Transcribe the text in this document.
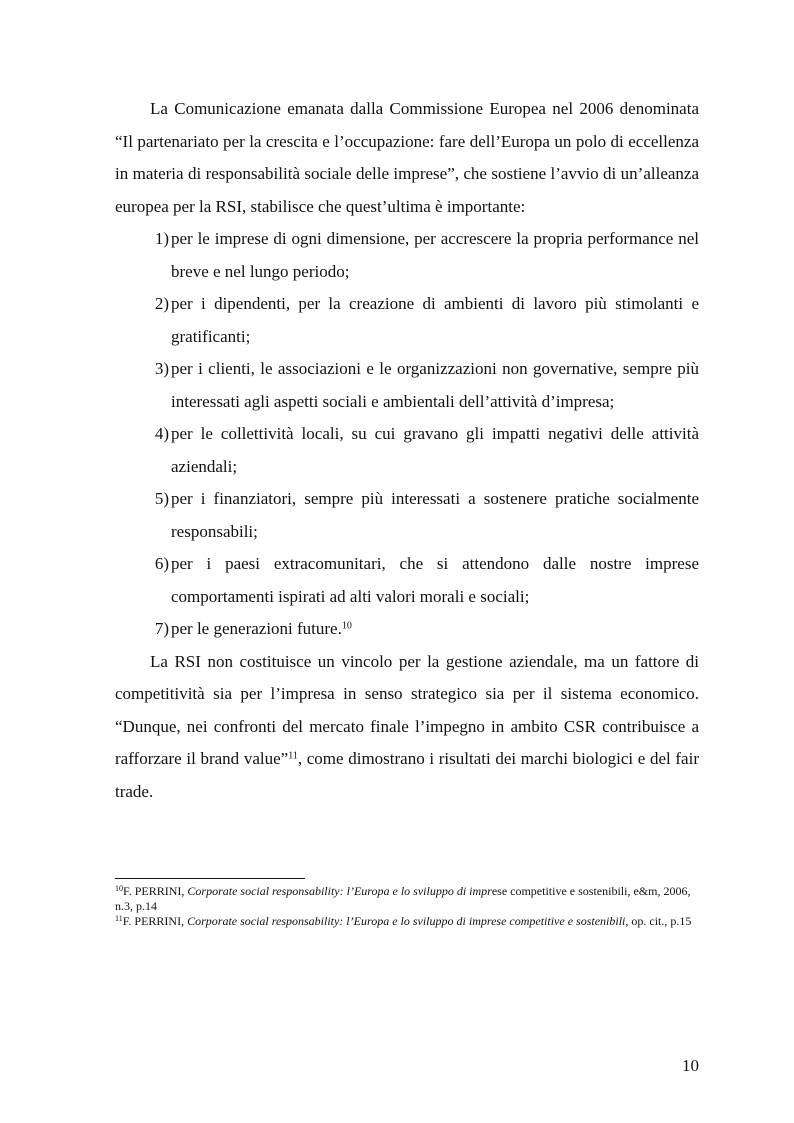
La Comunicazione emanata dalla Commissione Europea nel 2006 denominata “Il partenariato per la crescita e l’occupazione: fare dell’Europa un polo di eccellenza in materia di responsabilità sociale delle imprese”, che sostiene l’avvio di un’alleanza europea per la RSI, stabilisce che quest’ultima è importante:

1) per le imprese di ogni dimensione, per accrescere la propria performance nel breve e nel lungo periodo;
2) per i dipendenti, per la creazione di ambienti di lavoro più stimolanti e gratificanti;
3) per i clienti, le associazioni e le organizzazioni non governative, sempre più interessati agli aspetti sociali e ambientali dell’attività d’impresa;
4) per le collettività locali, su cui gravano gli impatti negativi delle attività aziendali;
5) per i finanziatori, sempre più interessati a sostenere pratiche socialmente responsabili;
6) per i paesi extracomunitari, che si attendono dalle nostre imprese comportamenti ispirati ad alti valori morali e sociali;
7) per le generazioni future.$^{10}$

La RSI non costituisce un vincolo per la gestione aziendale, ma un fattore di competitività sia per l’impresa in senso strategico sia per il sistema economico. “Dunque, nei confronti del mercato finale l’impegno in ambito CSR contribuisce a rafforzare il brand value”$^{11}$, come dimostrano i risultati dei marchi biologici e del fair trade.

$^{10}$F. PERRINI, Corporate social responsability: l’Europa e lo sviluppo di imprese competitive e sostenibili, e&m, 2006, n.3, p.14

$^{11}$F. PERRINI, Corporate social responsability: l’Europa e lo sviluppo di imprese competitive e sostenibili, op. cit., p.15

10
